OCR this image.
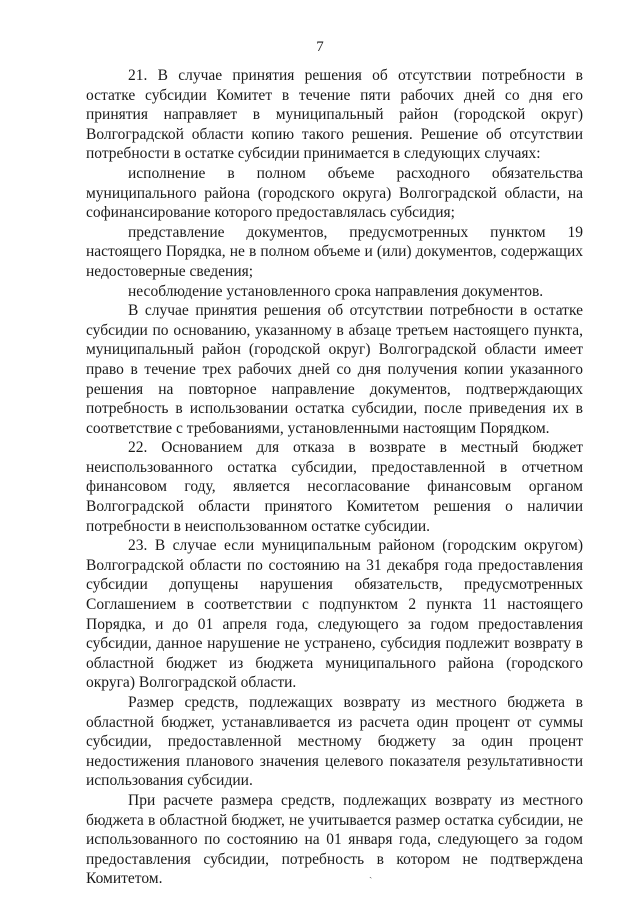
7

21. В случае принятия решения об отсутствии потребности в остатке субсидии Комитет в течение пяти рабочих дней со дня его принятия направляет в муниципальный район (городской округ) Волгоградской области копию такого решения. Решение об отсутствии потребности в остатке субсидии принимается в следующих случаях:

исполнение в полном объеме расходного обязательства муниципального района (городского округа) Волгоградской области, на софинансирование которого предоставлялась субсидия;

представление документов, предусмотренных пунктом 19 настоящего Порядка, не в полном объеме и (или) документов, содержащих недостоверные сведения;

несоблюдение установленного срока направления документов.

В случае принятия решения об отсутствии потребности в остатке субсидии по основанию, указанному в абзаце третьем настоящего пункта, муниципальный район (городской округ) Волгоградской области имеет право в течение трех рабочих дней со дня получения копии указанного решения на повторное направление документов, подтверждающих потребность в использовании остатка субсидии, после приведения их в соответствие с требованиями, установленными настоящим Порядком.

22. Основанием для отказа в возврате в местный бюджет неиспользованного остатка субсидии, предоставленной в отчетном финансовом году, является несогласование финансовым органом Волгоградской области принятого Комитетом решения о наличии потребности в неиспользованном остатке субсидии.

23. В случае если муниципальным районом (городским округом) Волгоградской области по состоянию на 31 декабря года предоставления субсидии допущены нарушения обязательств, предусмотренных Соглашением в соответствии с подпунктом 2 пункта 11 настоящего Порядка, и до 01 апреля года, следующего за годом предоставления субсидии, данное нарушение не устранено, субсидия подлежит возврату в областной бюджет из бюджета муниципального района (городского округа) Волгоградской области.

Размер средств, подлежащих возврату из местного бюджета в областной бюджет, устанавливается из расчета один процент от суммы субсидии, предоставленной местному бюджету за один процент недостижения планового значения целевого показателя результативности использования субсидии.

При расчете размера средств, подлежащих возврату из местного бюджета в областной бюджет, не учитывается размер остатка субсидии, не использованного по состоянию на 01 января года, следующего за годом предоставления субсидии, потребность в котором не подтверждена Комитетом.	ˏ
